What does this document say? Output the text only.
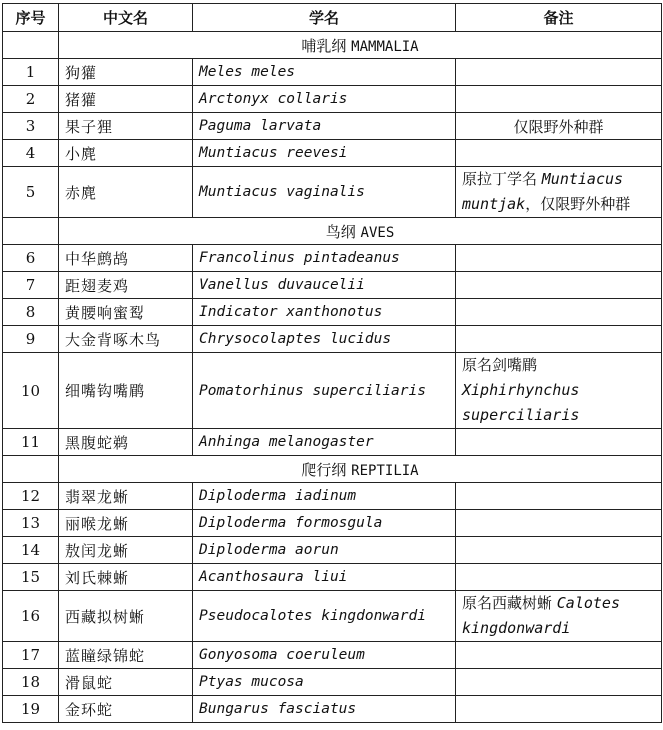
序号	中文名	学名	备注
	哺乳纲 MAMMALIA		
1	狗獾	Meles meles	
2	猪獾	Arctonyx collaris	
3	果子狸	Paguma larvata	仅限野外种群
4	小麂	Muntiacus reevesi	
5	赤麂	Muntiacus vaginalis	原拉丁学名 Muntiacus muntjak，仅限野外种群
	鸟纲 AVES		
6	中华鹧鸪	Francolinus pintadeanus	
7	距翅麦鸡	Vanellus duvaucelii	
8	黄腰响蜜䴕	Indicator xanthonotus	
9	大金背啄木鸟	Chrysocolaptes lucidus	
10	细嘴钩嘴鹛	Pomatorhinus superciliaris	原名剑嘴鹛
Xiphirhynchus superciliaris
11	黑腹蛇鹈	Anhinga melanogaster	
	爬行纲 REPTILIA		
12	翡翠龙蜥	Diploderma iadinum	
13	丽喉龙蜥	Diploderma formosgula	
14	敖闰龙蜥	Diploderma aorun	
15	刘氏棘蜥	Acanthosaura liui	
16	西藏拟树蜥	Pseudocalotes kingdonwardi	原名西藏树蜥 Calotes kingdonwardi
17	蓝瞳绿锦蛇	Gonyosoma coeruleum	
18	滑鼠蛇	Ptyas mucosa	
19	金环蛇	Bungarus fasciatus	
